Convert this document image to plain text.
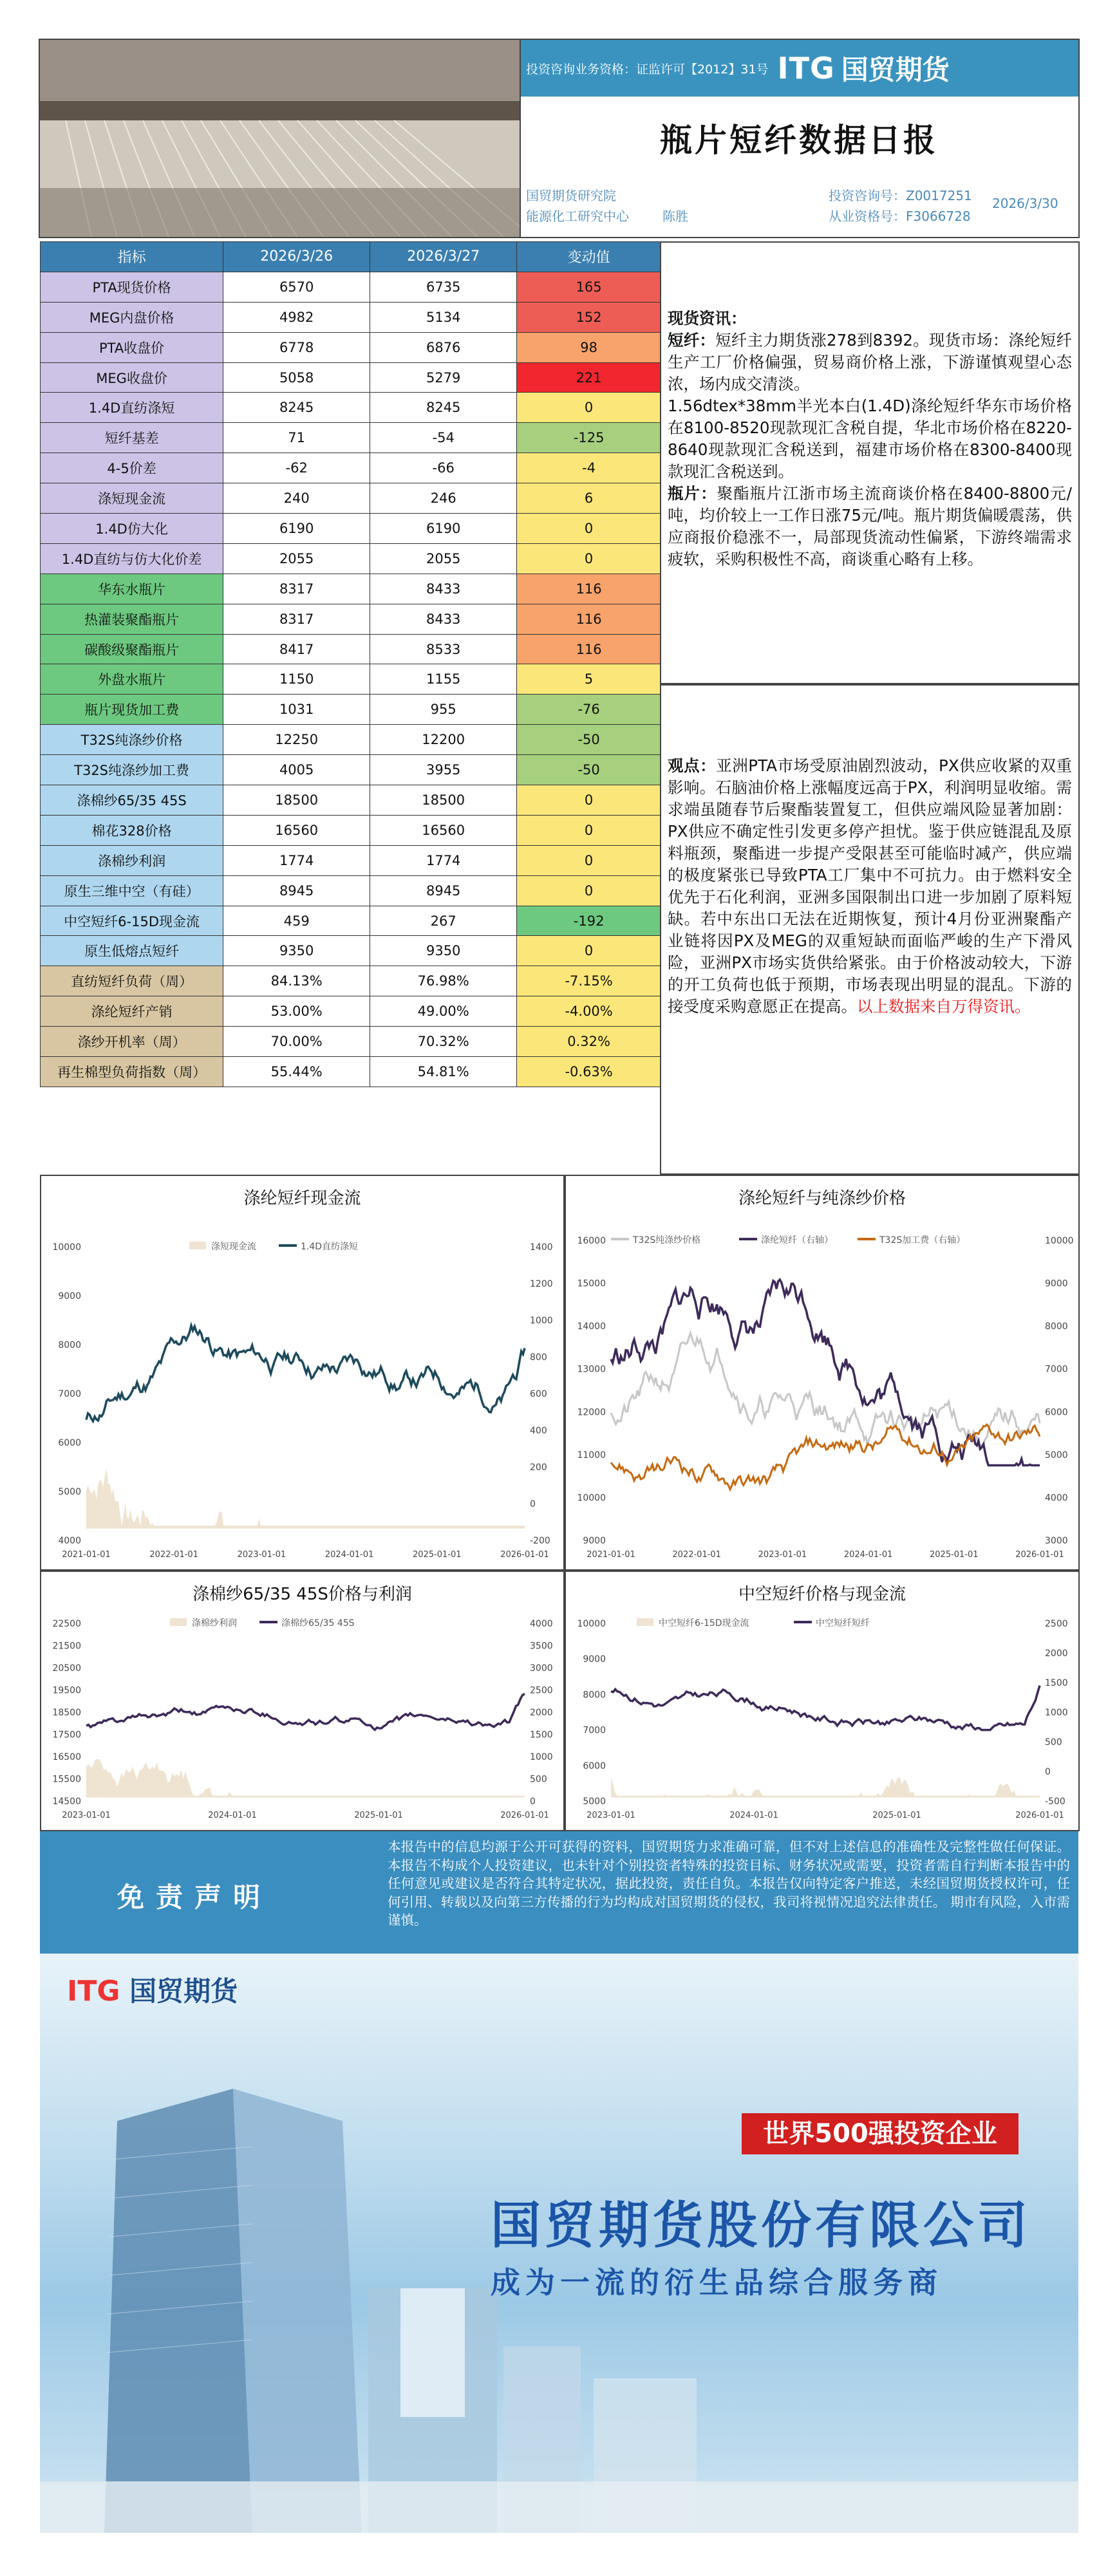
投资咨询业务资格：证监许可【2012】31号 ITG 国贸期货
瓶片短纤数据日报
国贸期货研究院
能源化工研究中心	陈胜
投资咨询号：Z0017251
从业资格号：F3066728
2026/3/30
指标	2026/3/26	2026/3/27	变动值
PTA现货价格	6570	6735	165
MEG内盘价格	4982	5134	152
PTA收盘价	6778	6876	98
MEG收盘价	5058	5279	221
1.4D直纺涤短	8245	8245	0
短纤基差	71	-54	-125
4-5价差	-62	-66	-4
涤短现金流	240	246	6
1.4D仿大化	6190	6190	0
1.4D直纺与仿大化价差	2055	2055	0
华东水瓶片	8317	8433	116
热灌装聚酯瓶片	8317	8433	116
碳酸级聚酯瓶片	8417	8533	116
外盘水瓶片	1150	1155	5
瓶片现货加工费	1031	955	-76
T32S纯涤纱价格	12250	12200	-50
T32S纯涤纱加工费	4005	3955	-50
涤棉纱65/35 45S	18500	18500	0
棉花328价格	16560	16560	0
涤棉纱利润	1774	1774	0
原生三维中空（有硅）	8945	8945	0
中空短纤6-15D现金流	459	267	-192
原生低熔点短纤	9350	9350	0
直纺短纤负荷（周）	84.13%	76.98%	-7.15%
涤纶短纤产销	53.00%	49.00%	-4.00%
涤纱开机率（周）	70.00%	70.32%	0.32%
再生棉型负荷指数（周）	55.44%	54.81%	-0.63%
现货资讯：
短纤：短纤主力期货涨278到8392。现货市场：涤纶短纤生产工厂价格偏强，贸易商价格上涨，下游谨慎观望心态浓，场内成交清淡。
1.56dtex*38mm半光本白(1.4D)涤纶短纤华东市场价格在8100-8520现款现汇含税自提，华北市场价格在8220-8640现款现汇含税送到，福建市场价格在8300-8400现款现汇含税送到。
瓶片：聚酯瓶片江浙市场主流商谈价格在8400-8800元/吨，均价较上一工作日涨75元/吨。瓶片期货偏暖震荡，供应商报价稳涨不一，局部现货流动性偏紧，下游终端需求疲软，采购积极性不高，商谈重心略有上移。
观点：亚洲PTA市场受原油剧烈波动，PX供应收紧的双重影响。石脑油价格上涨幅度远高于PX，利润明显收缩。需求端虽随春节后聚酯装置复工，但供应端风险显著加剧：PX供应不确定性引发更多停产担忧。鉴于供应链混乱及原料瓶颈，聚酯进一步提产受限甚至可能临时减产，供应端的极度紧张已导致PTA工厂集中不可抗力。由于燃料安全优先于石化利润，亚洲多国限制出口进一步加剧了原料短缺。若中东出口无法在近期恢复，预计4月份亚洲聚酯产业链将因PX及MEG的双重短缺而面临严峻的生产下滑风险，亚洲PX市场实货供给紧张。由于价格波动较大，下游的开工负荷也低于预期，市场表现出明显的混乱。下游的接受度采购意愿正在提高。以上数据来自万得资讯。
涤纶短纤现金流
10000
9000
8000
7000
6000
5000
4000
1400
1200
1000
800
600
400
200
0
-200
2021-01-01	2022-01-01	2023-01-01	2024-01-01	2025-01-01	2026-01-01
涤短现金流	1.4D直纺涤短
涤纶短纤与纯涤纱价格
16000
15000
14000
13000
12000
11000
10000
9000
10000
9000
8000
7000
6000
5000
4000
3000
2021-01-01	2022-01-01	2023-01-01	2024-01-01	2025-01-01	2026-01-01
T32S纯涤纱价格	涤纶短纤（右轴）	T32S加工费（右轴）
涤棉纱65/35 45S价格与利润
22500
21500
20500
19500
18500
17500
16500
15500
14500
4000
3500
3000
2500
2000
1500
1000
500
0
2023-01-01	2024-01-01	2025-01-01	2026-01-01
涤棉纱利润	涤棉纱65/35 45S
中空短纤价格与现金流
10000
9000
8000
7000
6000
5000
2500
2000
1500
1000
500
0
-500
2023-01-01	2024-01-01	2025-01-01	2026-01-01
中空短纤6-15D现金流	中空短纤短纤
免责声明
本报告中的信息均源于公开可获得的资料，国贸期货力求准确可靠，但不对上述信息的准确性及完整性做任何保证。本报告不构成个人投资建议，也未针对个别投资者特殊的投资目标、财务状况或需要，投资者需自行判断本报告中的任何意见或建议是否符合其特定状况，据此投资，责任自负。本报告仅向特定客户推送，未经国贸期货授权许可，任何引用、转载以及向第三方传播的行为均构成对国贸期货的侵权，我司将视情况追究法律责任。 期市有风险，入市需谨慎。
ITG 国贸期货
世界500强投资企业
国贸期货股份有限公司
成为一流的衍生品综合服务商
